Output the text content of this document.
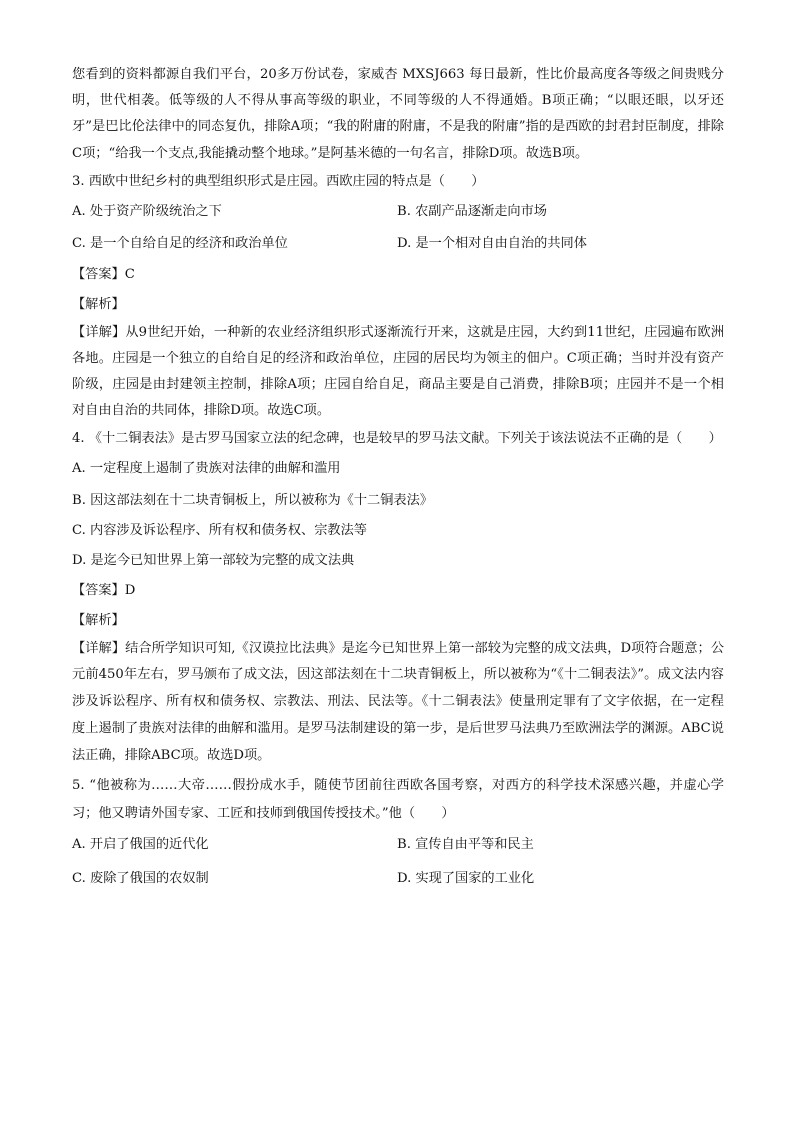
您看到的资料都源自我们平台，20多万份试卷，家威杏 MXSJ663 每日最新，性比价最高度各等级之间贵贱分明，世代相袭。低等级的人不得从事高等级的职业，不同等级的人不得通婚。B项正确；“以眼还眼，以牙还牙”是巴比伦法律中的同态复仇，排除A项；“我的附庸的附庸，不是我的附庸”指的是西欧的封君封臣制度，排除C项；“给我一个支点,我能撬动整个地球。”是阿基米德的一句名言，排除D项。故选B项。

3. 西欧中世纪乡村的典型组织形式是庄园。西欧庄园的特点是（　　）

A. 处于资产阶级统治之下	B. 农副产品逐渐走向市场
C. 是一个自给自足的经济和政治单位	D. 是一个相对自由自治的共同体
【答案】 C
【解析】

【详解】从9世纪开始，一种新的农业经济组织形式逐渐流行开来，这就是庄园，大约到11世纪，庄园遍布欧洲各地。庄园是一个独立的自给自足的经济和政治单位，庄园的居民均为领主的佃户。C项正确；当时并没有资产阶级，庄园是由封建领主控制，排除A项；庄园自给自足，商品主要是自己消费，排除B项；庄园并不是一个相对自由自治的共同体，排除D项。故选C项。

4. 《十二铜表法》是古罗马国家立法的纪念碑，也是较早的罗马法文献。下列关于该法说法不正确的是（　　）

A. 一定程度上遏制了贵族对法律的曲解和滥用
B. 因这部法刻在十二块青铜板上，所以被称为《十二铜表法》
C. 内容涉及诉讼程序、所有权和债务权、宗教法等
D. 是迄今已知世界上第一部较为完整的成文法典
【答案】 D
【解析】

【详解】结合所学知识可知,《汉谟拉比法典》是迄今已知世界上第一部较为完整的成文法典，D项符合题意；公元前450年左右，罗马颁布了成文法，因这部法刻在十二块青铜板上，所以被称为“《十二铜表法》”。成文法内容涉及诉讼程序、所有权和债务权、宗教法、刑法、民法等。《十二铜表法》使量刑定罪有了文字依据，在一定程度上遏制了贵族对法律的曲解和滥用。是罗马法制建设的第一步，是后世罗马法典乃至欧洲法学的渊源。ABC说法正确，排除ABC项。故选D项。

5. “他被称为……大帝……假扮成水手，随使节团前往西欧各国考察，对西方的科学技术深感兴趣，并虚心学习；他又聘请外国专家、工匠和技师到俄国传授技术。”他（　　）

A. 开启了俄国的近代化	B. 宣传自由平等和民主
C. 废除了俄国的农奴制	D. 实现了国家的工业化
